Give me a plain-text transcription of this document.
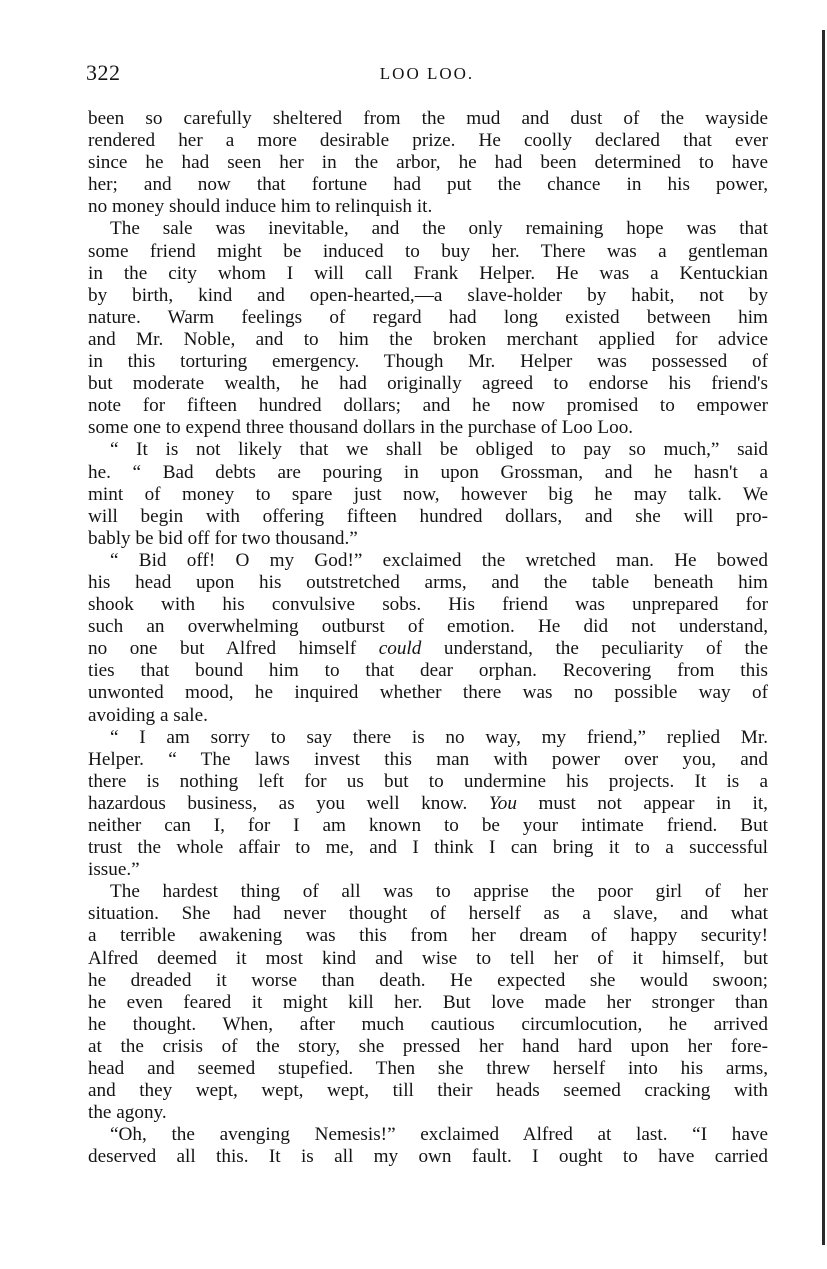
322	LOO LOO.
been so carefully sheltered from the mud and dust of the wayside
rendered her a more desirable prize. He coolly declared that ever
since he had seen her in the arbor, he had been determined to have
her; and now that fortune had put the chance in his power,
no money should induce him to relinquish it.
The sale was inevitable, and the only remaining hope was that
some friend might be induced to buy her. There was a gentleman
in the city whom I will call Frank Helper. He was a Kentuckian
by birth, kind and open-hearted,—a slave-holder by habit, not by
nature. Warm feelings of regard had long existed between him
and Mr. Noble, and to him the broken merchant applied for advice
in this torturing emergency. Though Mr. Helper was possessed of
but moderate wealth, he had originally agreed to endorse his friend's
note for fifteen hundred dollars; and he now promised to empower
some one to expend three thousand dollars in the purchase of Loo Loo.
“ It is not likely that we shall be obliged to pay so much,” said
he. “ Bad debts are pouring in upon Grossman, and he hasn't a
mint of money to spare just now, however big he may talk. We
will begin with offering fifteen hundred dollars, and she will pro-
bably be bid off for two thousand.”
“ Bid off! O my God!” exclaimed the wretched man. He bowed
his head upon his outstretched arms, and the table beneath him
shook with his convulsive sobs. His friend was unprepared for
such an overwhelming outburst of emotion. He did not understand,
no one but Alfred himself could understand, the peculiarity of the
ties that bound him to that dear orphan. Recovering from this
unwonted mood, he inquired whether there was no possible way of
avoiding a sale.
“ I am sorry to say there is no way, my friend,” replied Mr.
Helper. “ The laws invest this man with power over you, and
there is nothing left for us but to undermine his projects. It is a
hazardous business, as you well know. You must not appear in it,
neither can I, for I am known to be your intimate friend. But
trust the whole affair to me, and I think I can bring it to a successful
issue.”
The hardest thing of all was to apprise the poor girl of her
situation. She had never thought of herself as a slave, and what
a terrible awakening was this from her dream of happy security!
Alfred deemed it most kind and wise to tell her of it himself, but
he dreaded it worse than death. He expected she would swoon;
he even feared it might kill her. But love made her stronger than
he thought. When, after much cautious circumlocution, he arrived
at the crisis of the story, she pressed her hand hard upon her fore-
head and seemed stupefied. Then she threw herself into his arms,
and they wept, wept, wept, till their heads seemed cracking with
the agony.
“Oh, the avenging Nemesis!” exclaimed Alfred at last. “I have
deserved all this. It is all my own fault. I ought to have carried
